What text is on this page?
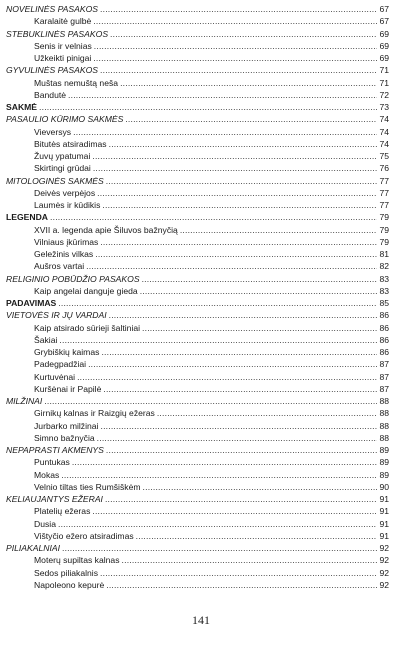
NOVELINĖS PASAKOS .....	67
Karalaitė gulbė .....	67
STEBUKLINĖS PASAKOS .....	69
Senis ir velnias .....	69
Užkeikti pinigai .....	69
GYVULINĖS PASAKOS .....	71
Muštas nemuštą neša .....	71
Bandutė .....	72
SAKMĖ .....	73
PASAULIO KŪRIMO SAKMĖS .....	74
Vieversys .....	74
Bitutės atsiradimas .....	74
Žuvų ypatumai .....	75
Skirtingi grūdai .....	76
MITOLOGINĖS SAKMĖS .....	77
Deivės verpėjos .....	77
Laumės ir kūdikis .....	77
LEGENDA .....	79
XVII a. legenda apie Šiluvos bažnyčią .....	79
Vilniaus įkūrimas .....	79
Geležinis vilkas .....	81
Aušros vartai .....	82
RELIGINIO POBŪDŽIO PASAKOS .....	83
Kaip angelai danguje gieda .....	83
PADAVIMAS .....	85
VIETOVĖS IR JŲ VARDAI .....	86
Kaip atsirado sūrieji šaltiniai .....	86
Šakiai .....	86
Grybiškių kaimas .....	86
Padegpadžiai .....	87
Kurtuvėnai .....	87
Kuršėnai ir Papilė .....	87
MILŽINAI .....	88
Girnikų kalnas ir Raizgių ežeras .....	88
Jurbarko milžinai .....	88
Simno bažnyčia .....	88
NEPAPRASTI AKMENYS .....	89
Puntukas .....	89
Mokas .....	89
Velnio tiltas ties Rumšiškėm .....	90
KELIAUJANTYS EŽERAI .....	91
Platelių ežeras .....	91
Dusia .....	91
Vištyčio ežero atsiradimas .....	91
PILIAKALNIAI .....	92
Moterų supiltas kalnas .....	92
Sedos piliakalnis .....	92
Napoleono kepurė .....	92
141
